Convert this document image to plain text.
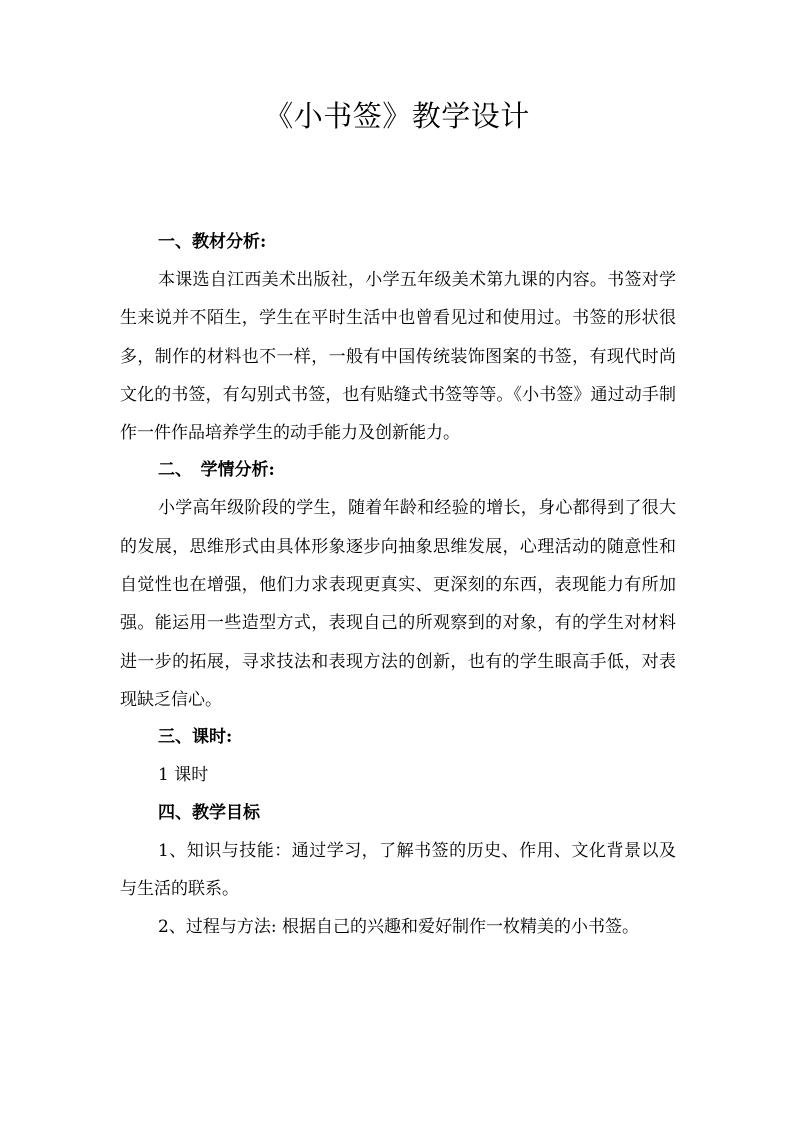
《小书签》教学设计
一、教材分析:

本课选自江西美术出版社，小学五年级美术第九课的内容。书签对学生来说并不陌生，学生在平时生活中也曾看见过和使用过。书签的形状很多，制作的材料也不一样，一般有中国传统装饰图案的书签，有现代时尚文化的书签，有勾别式书签，也有贴缝式书签等等。《小书签》通过动手制作一件作品培养学生的动手能力及创新能力。

二、　学情分析:

小学高年级阶段的学生，随着年龄和经验的增长，身心都得到了很大的发展，思维形式由具体形象逐步向抽象思维发展，心理活动的随意性和自觉性也在增强，他们力求表现更真实、更深刻的东西，表现能力有所加强。能运用一些造型方式，表现自己的所观察到的对象，有的学生对材料进一步的拓展，寻求技法和表现方法的创新，也有的学生眼高手低，对表现缺乏信心。

三、课时:

1 课时

四、教学目标

1、知识与技能：通过学习，了解书签的历史、作用、文化背景以及与生活的联系。

2、过程与方法: 根据自己的兴趣和爱好制作一枚精美的小书签。
